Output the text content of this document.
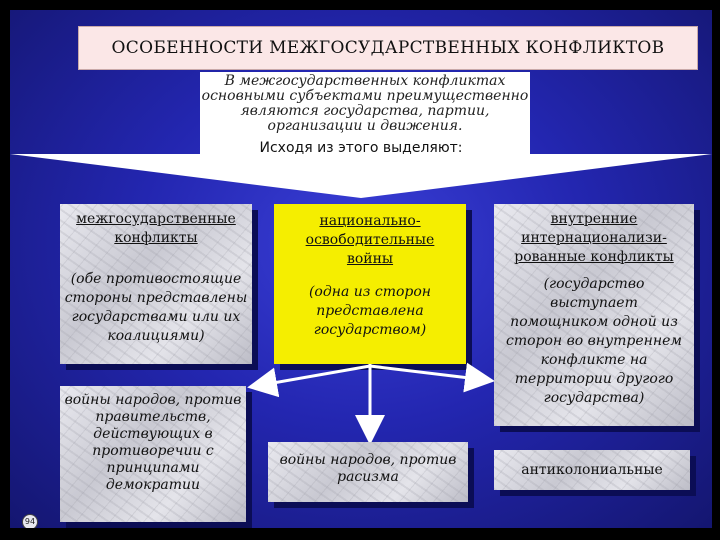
ОСОБЕННОСТИ МЕЖГОСУДАРСТВЕННЫХ КОНФЛИКТОВ
В межгосударственных конфликтах
основными субъектами преимущественно
являются государства, партии,
организации и движения.
Исходя из этого выделяют:
межгосударственные
конфликты
(обе противостоящие
стороны представлены
государствами или их
коалициями)
национально-
освободительные
войны
(одна из сторон
представлена
государством)
внутренние
интернационализи-
рованные конфликты
(государство
выступает
помощником одной из
сторон во внутреннем
конфликте на
территории другого
государства)
войны народов, против
правительств,
действующих в
противоречии с
принципами
демократии
войны народов, против
расизма	антиколониальные
94
